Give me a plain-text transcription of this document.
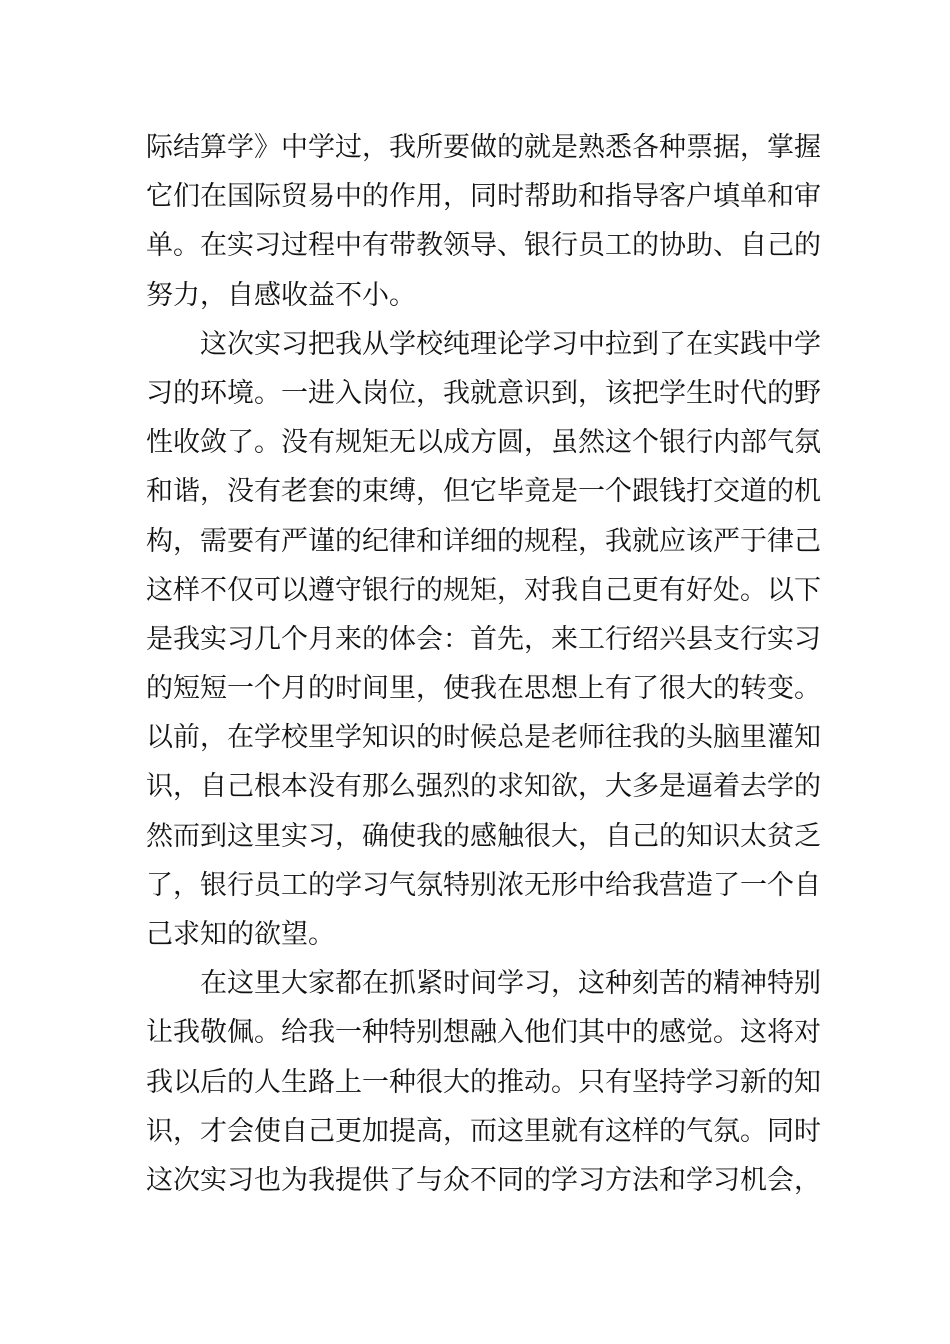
际结算学》中学过，我所要做的就是熟悉各种票据，掌握
它们在国际贸易中的作用，同时帮助和指导客户填单和审
单。在实习过程中有带教领导、银行员工的协助、自己的
努力，自感收益不小。
这次实习把我从学校纯理论学习中拉到了在实践中学
习的环境。一进入岗位，我就意识到，该把学生时代的野
性收敛了。没有规矩无以成方圆，虽然这个银行内部气氛
和谐，没有老套的束缚，但它毕竟是一个跟钱打交道的机
构，需要有严谨的纪律和详细的规程，我就应该严于律己
这样不仅可以遵守银行的规矩，对我自己更有好处。以下
是我实习几个月来的体会：首先，来工行绍兴县支行实习
的短短一个月的时间里，使我在思想上有了很大的转变。
以前，在学校里学知识的时候总是老师往我的头脑里灌知
识，自己根本没有那么强烈的求知欲，大多是逼着去学的
然而到这里实习，确使我的感触很大，自己的知识太贫乏
了，银行员工的学习气氛特别浓无形中给我营造了一个自
己求知的欲望。
在这里大家都在抓紧时间学习，这种刻苦的精神特别
让我敬佩。给我一种特别想融入他们其中的感觉。这将对
我以后的人生路上一种很大的推动。只有坚持学习新的知
识，才会使自己更加提高，而这里就有这样的气氛。同时
这次实习也为我提供了与众不同的学习方法和学习机会，
